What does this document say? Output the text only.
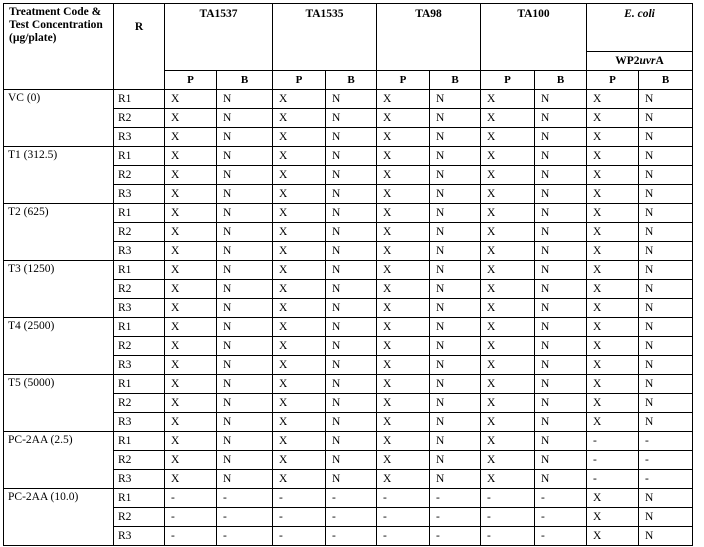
Treatment Code & Test Concentration (µg/plate)	R	TA1537		TA1535		TA98		TA100		E. coli	
										WP2uvrA	
		P	B	P	B	P	B	P	B	P	B
VC (0)	R1	X	N	X	N	X	N	X	N	X	N
	R2	X	N	X	N	X	N	X	N	X	N
	R3	X	N	X	N	X	N	X	N	X	N
T1 (312.5)	R1	X	N	X	N	X	N	X	N	X	N
	R2	X	N	X	N	X	N	X	N	X	N
	R3	X	N	X	N	X	N	X	N	X	N
T2 (625)	R1	X	N	X	N	X	N	X	N	X	N
	R2	X	N	X	N	X	N	X	N	X	N
	R3	X	N	X	N	X	N	X	N	X	N
T3 (1250)	R1	X	N	X	N	X	N	X	N	X	N
	R2	X	N	X	N	X	N	X	N	X	N
	R3	X	N	X	N	X	N	X	N	X	N
T4 (2500)	R1	X	N	X	N	X	N	X	N	X	N
	R2	X	N	X	N	X	N	X	N	X	N
	R3	X	N	X	N	X	N	X	N	X	N
T5 (5000)	R1	X	N	X	N	X	N	X	N	X	N
	R2	X	N	X	N	X	N	X	N	X	N
	R3	X	N	X	N	X	N	X	N	X	N
PC-2AA (2.5)	R1	X	N	X	N	X	N	X	N	-	-
	R2	X	N	X	N	X	N	X	N	-	-
	R3	X	N	X	N	X	N	X	N	-	-
PC-2AA (10.0)	R1	-	-	-	-	-	-	-	-	X	N
	R2	-	-	-	-	-	-	-	-	X	N
	R3	-	-	-	-	-	-	-	-	X	N
